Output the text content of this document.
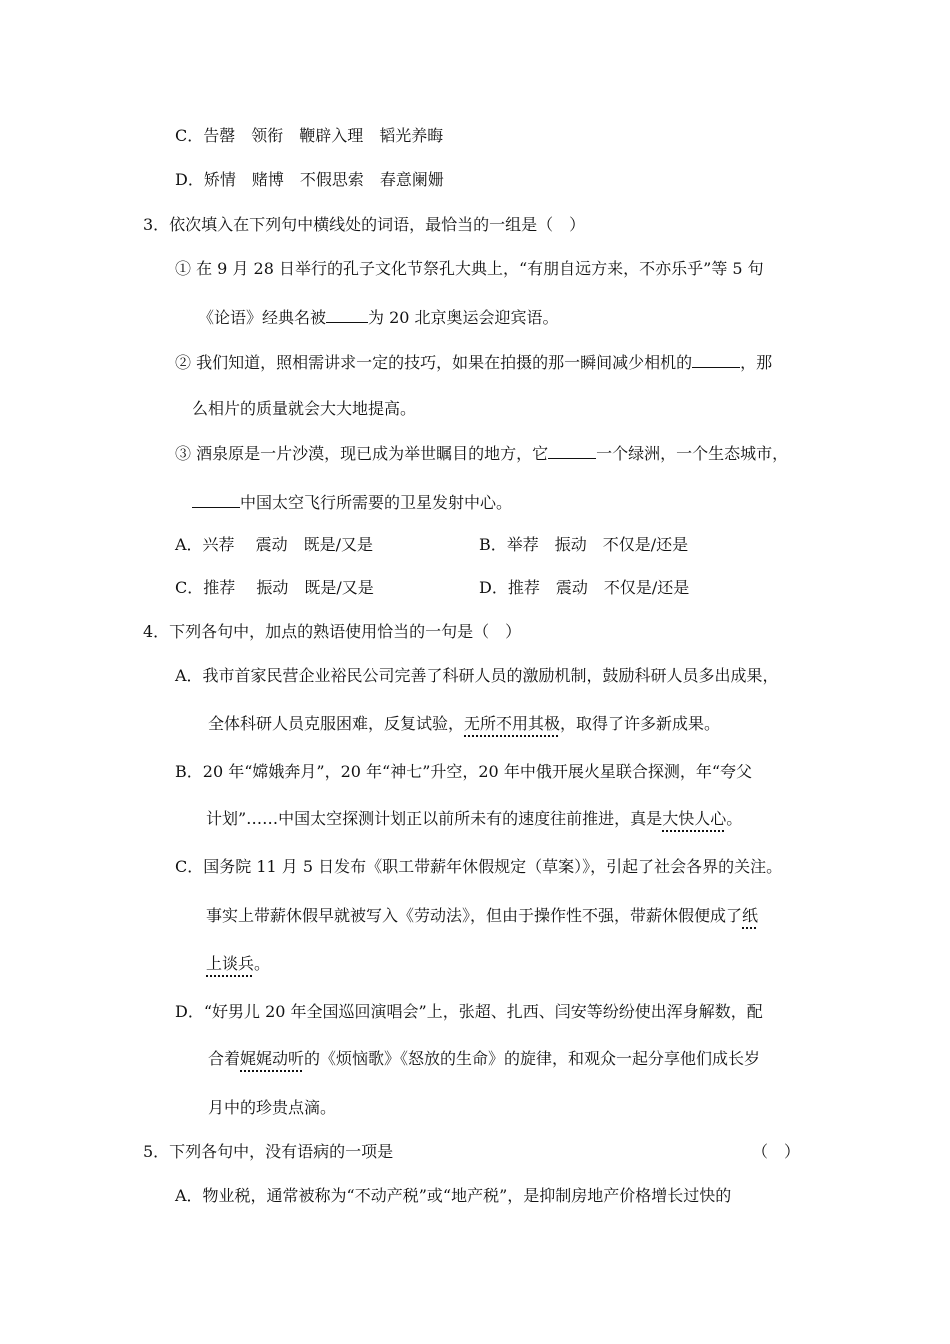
C．告罄　领衔　鞭辟入理　韬光养晦
D．矫情　赌博　不假思索　春意阑姗
3．依次填入在下列句中横线处的词语，最恰当的一组是（　）
① 在 9 月 28 日举行的孔子文化节祭孔大典上，“有朋自远方来，不亦乐乎”等 5 句
《论语》经典名被	为 20 北京奥运会迎宾语。
② 我们知道，照相需讲求一定的技巧，如果在拍摄的那一瞬间减少相机的	，那
么相片的质量就会大大地提高。
③ 酒泉原是一片沙漠，现已成为举世瞩目的地方，它	一个绿洲，一个生态城市，
中国太空飞行所需要的卫星发射中心。
A．兴荐　 震动　既是/又是	B．举荐　振动　不仅是/还是
C．推荐　 振动　既是/又是	D．推荐　震动　不仅是/还是
4．下列各句中，加点的熟语使用恰当的一句是（　）
A．我市首家民营企业裕民公司完善了科研人员的激励机制，鼓励科研人员多出成果，
全体科研人员克服困难，反复试验，无所不用其极，取得了许多新成果。
B．20 年“嫦娥奔月”，20 年“神七”升空，20 年中俄开展火星联合探测，年“夸父
计划”……中国太空探测计划正以前所未有的速度往前推进，真是大快人心。
C．国务院 11 月 5 日发布《职工带薪年休假规定（草案）》，引起了社会各界的关注。
事实上带薪休假早就被写入《劳动法》，但由于操作性不强，带薪休假便成了纸
上谈兵。
D．“好男儿 20 年全国巡回演唱会”上，张超、扎西、闫安等纷纷使出浑身解数，配
合着娓娓动听的《烦恼歌》《怒放的生命》的旋律，和观众一起分享他们成长岁
月中的珍贵点滴。
5．下列各句中，没有语病的一项是	（　）
A．物业税，通常被称为“不动产税”或“地产税”，是抑制房地产价格增长过快的
